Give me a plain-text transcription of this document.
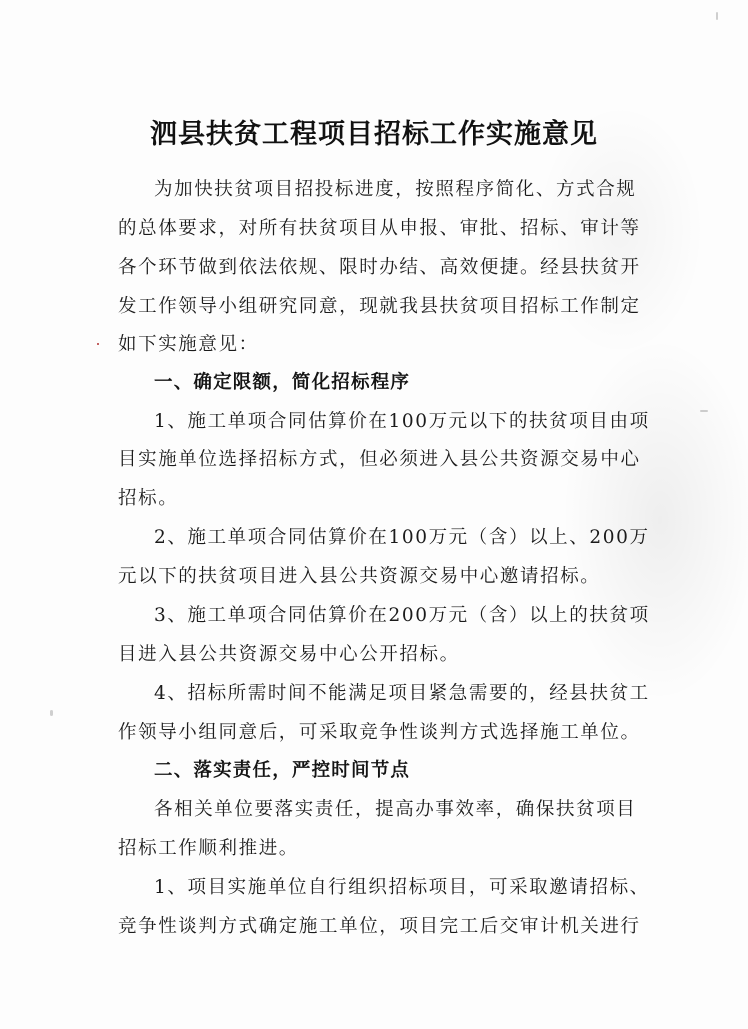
泗县扶贫工程项目招标工作实施意见
为加快扶贫项目招投标进度，按照程序简化、方式合规
的总体要求，对所有扶贫项目从申报、审批、招标、审计等
各个环节做到依法依规、限时办结、高效便捷。经县扶贫开
发工作领导小组研究同意，现就我县扶贫项目招标工作制定
如下实施意见：
一、确定限额，简化招标程序
1、施工单项合同估算价在100万元以下的扶贫项目由项
目实施单位选择招标方式，但必须进入县公共资源交易中心
招标。
2、施工单项合同估算价在100万元（含）以上、200万
元以下的扶贫项目进入县公共资源交易中心邀请招标。
3、施工单项合同估算价在200万元（含）以上的扶贫项
目进入县公共资源交易中心公开招标。
4、招标所需时间不能满足项目紧急需要的，经县扶贫工
作领导小组同意后，可采取竞争性谈判方式选择施工单位。
二、落实责任，严控时间节点
各相关单位要落实责任，提高办事效率，确保扶贫项目
招标工作顺利推进。
1、项目实施单位自行组织招标项目，可采取邀请招标、
竞争性谈判方式确定施工单位，项目完工后交审计机关进行
